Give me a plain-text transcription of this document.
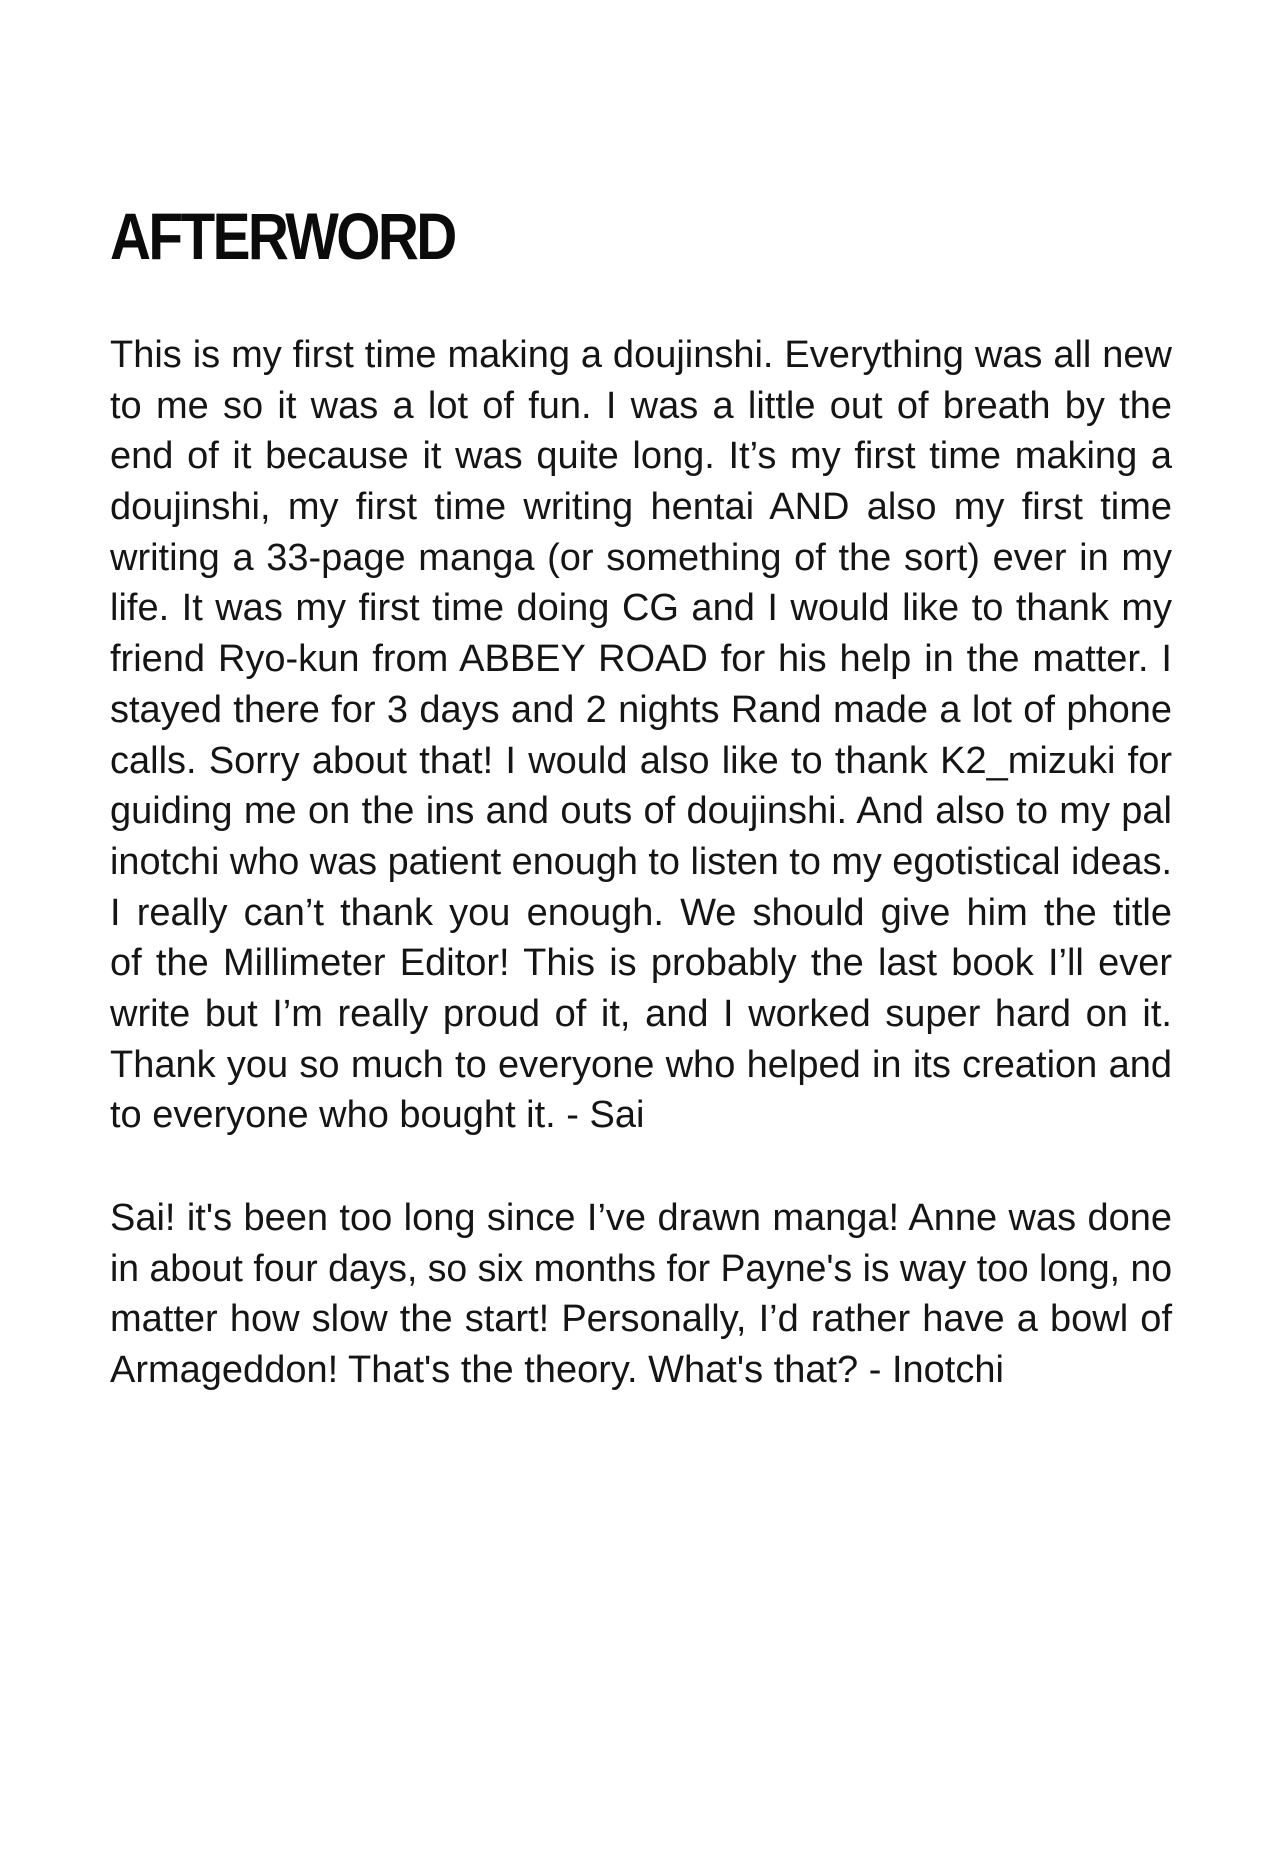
AFTERWORD
This is my first time making a doujinshi. Everything was all new
to me so it was a lot of fun. I was a little out of breath by the
end of it because it was quite long. It’s my first time making a
doujinshi, my first time writing hentai AND also my first time
writing a 33-page manga (or something of the sort) ever in my
life. It was my first time doing CG and I would like to thank my
friend Ryo-kun from ABBEY ROAD for his help in the matter. I
stayed there for 3 days and 2 nights Rand made a lot of phone
calls. Sorry about that! I would also like to thank K2_mizuki for
guiding me on the ins and outs of doujinshi. And also to my pal
inotchi who was patient enough to listen to my egotistical ideas.
I really can’t thank you enough. We should give him the title
of the Millimeter Editor! This is probably the last book I’ll ever
write but I’m really proud of it, and I worked super hard on it.
Thank you so much to everyone who helped in its creation and
to everyone who bought it. - Sai
Sai! it's been too long since I’ve drawn manga! Anne was done
in about four days, so six months for Payne's is way too long, no
matter how slow the start! Personally, I’d rather have a bowl of
Armageddon! That's the theory. What's that? - Inotchi
